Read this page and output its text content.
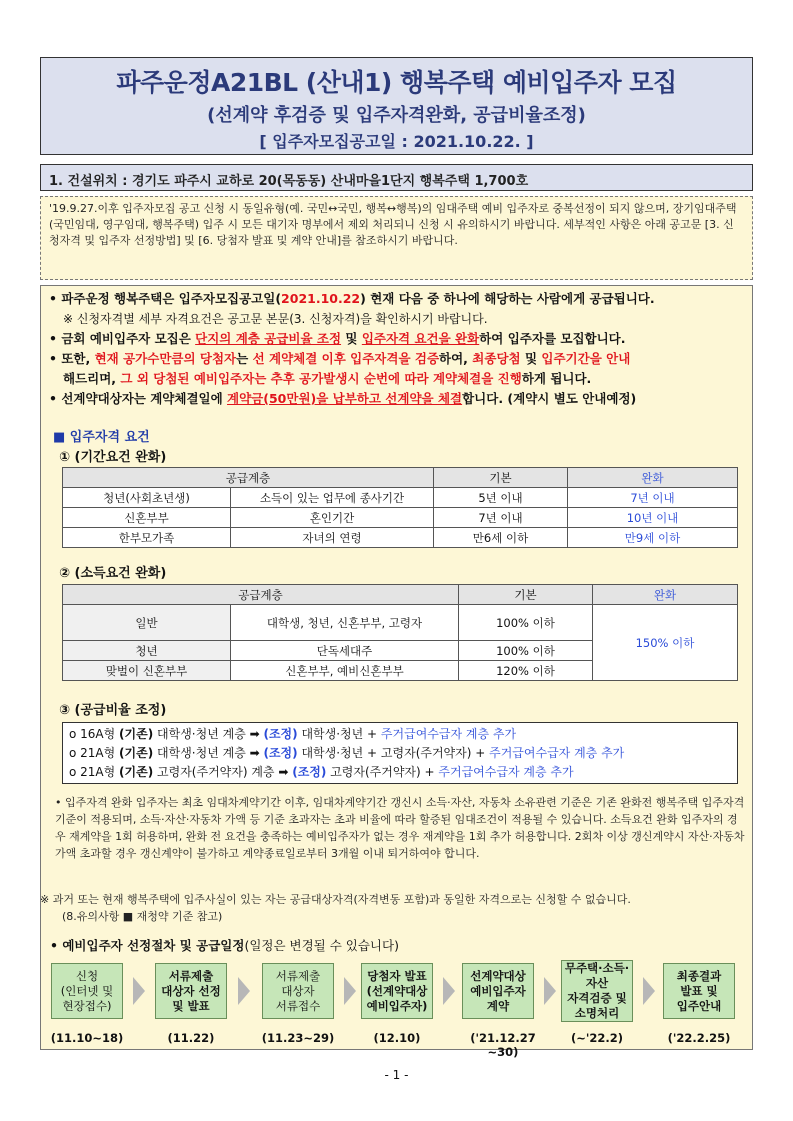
파주운정A21BL (산내1) 행복주택 예비입주자 모집
(선계약 후검증 및 입주자격완화, 공급비율조정)
[ 입주자모집공고일 : 2021.10.22. ]
1. 건설위치 : 경기도 파주시 교하로 20(목동동) 산내마을1단지 행복주택 1,700호
'19.9.27.이후 입주자모집 공고 신청 시 동일유형(예. 국민↔국민, 행복↔행복)의 임대주택 예비 입주자로 중복선정이 되지 않으며, 장기임대주택(국민임대, 영구임대, 행복주택) 입주 시 모든 대기자 명부에서 제외 처리되니 신청 시 유의하시기 바랍니다. 세부적인 사항은 아래 공고문 [3. 신청자격 및 입주자 선정방법] 및 [6. 당첨자 발표 및 계약 안내]를 참조하시기 바랍니다.
• 파주운정 행복주택은 입주자모집공고일(2021.10.22) 현재 다음 중 하나에 해당하는 사람에게 공급됩니다.
※ 신청자격별 세부 자격요건은 공고문 본문(3. 신청자격)을 확인하시기 바랍니다.
• 금회 예비입주자 모집은 단지의 계층 공급비율 조정 및 입주자격 요건을 완화하여 입주자를 모집합니다.
• 또한, 현재 공가수만큼의 당첨자는 선 계약체결 이후 입주자격을 검증하여, 최종당첨 및 입주기간을 안내
해드리며, 그 외 당첨된 예비입주자는 추후 공가발생시 순번에 따라 계약체결을 진행하게 됩니다.
• 선계약대상자는 계약체결일에 계약금(50만원)을 납부하고 선계약을 체결합니다. (계약시 별도 안내예정)
■ 입주자격 요건
① (기간요건 완화)
공급계층		기본	완화
청년(사회초년생)	소득이 있는 업무에 종사기간	5년 이내	7년 이내
신혼부부	혼인기간	7년 이내	10년 이내
한부모가족	자녀의 연령	만6세 이하	만9세 이하
② (소득요건 완화)
공급계층		기본	완화
일반	대학생, 청년, 신혼부부, 고령자	100% 이하	150% 이하
청년	단독세대주	100% 이하	
맞벌이 신혼부부	신혼부부, 예비신혼부부	120% 이하	
③ (공급비율 조정)
o 16A형 (기존) 대학생·청년 계층 ➡ (조정) 대학생·청년 + 주거급여수급자 계층 추가
o 21A형 (기존) 대학생·청년 계층 ➡ (조정) 대학생·청년 + 고령자(주거약자) + 주거급여수급자 계층 추가
o 21A형 (기존) 고령자(주거약자) 계층 ➡ (조정) 고령자(주거약자) + 주거급여수급자 계층 추가
• 입주자격 완화 입주자는 최초 임대차계약기간 이후, 임대차계약기간 갱신시 소득·자산, 자동차 소유관련 기준은 기존 완화전 행복주택 입주자격 기준이 적용되며, 소득·자산·자동차 가액 등 기준 초과자는 초과 비율에 따라 할증된 임대조건이 적용될 수 있습니다. 소득요건 완화 입주자의 경우 재계약을 1회 허용하며, 완화 전 요건을 충족하는 예비입주자가 없는 경우 재계약을 1회 추가 허용합니다. 2회차 이상 갱신계약시 자산·자동차가액 초과할 경우 갱신계약이 불가하고 계약종료일로부터 3개월 이내 퇴거하여야 합니다.
※ 과거 또는 현재 행복주택에 입주사실이 있는 자는 공급대상자격(자격변동 포함)과 동일한 자격으로는 신청할 수 없습니다.
(8.유의사항 ■ 재청약 기준 참고)
• 예비입주자 선정절차 및 공급일정(일정은 변경될 수 있습니다)
신청
(인터넷 및
현장접수)
서류제출
대상자 선정
및 발표
서류제출
대상자
서류접수
당첨자 발표
(선계약대상
예비입주자)
선계약대상
예비입주자
계약
무주택·소득·
자산
자격검증 및
소명처리
최종결과
발표 및
입주안내
(11.10~18)	(11.22)	(11.23~29)	(12.10)	('21.12.27 ~30)
(~'22.2)	('22.2.25)
- 1 -
